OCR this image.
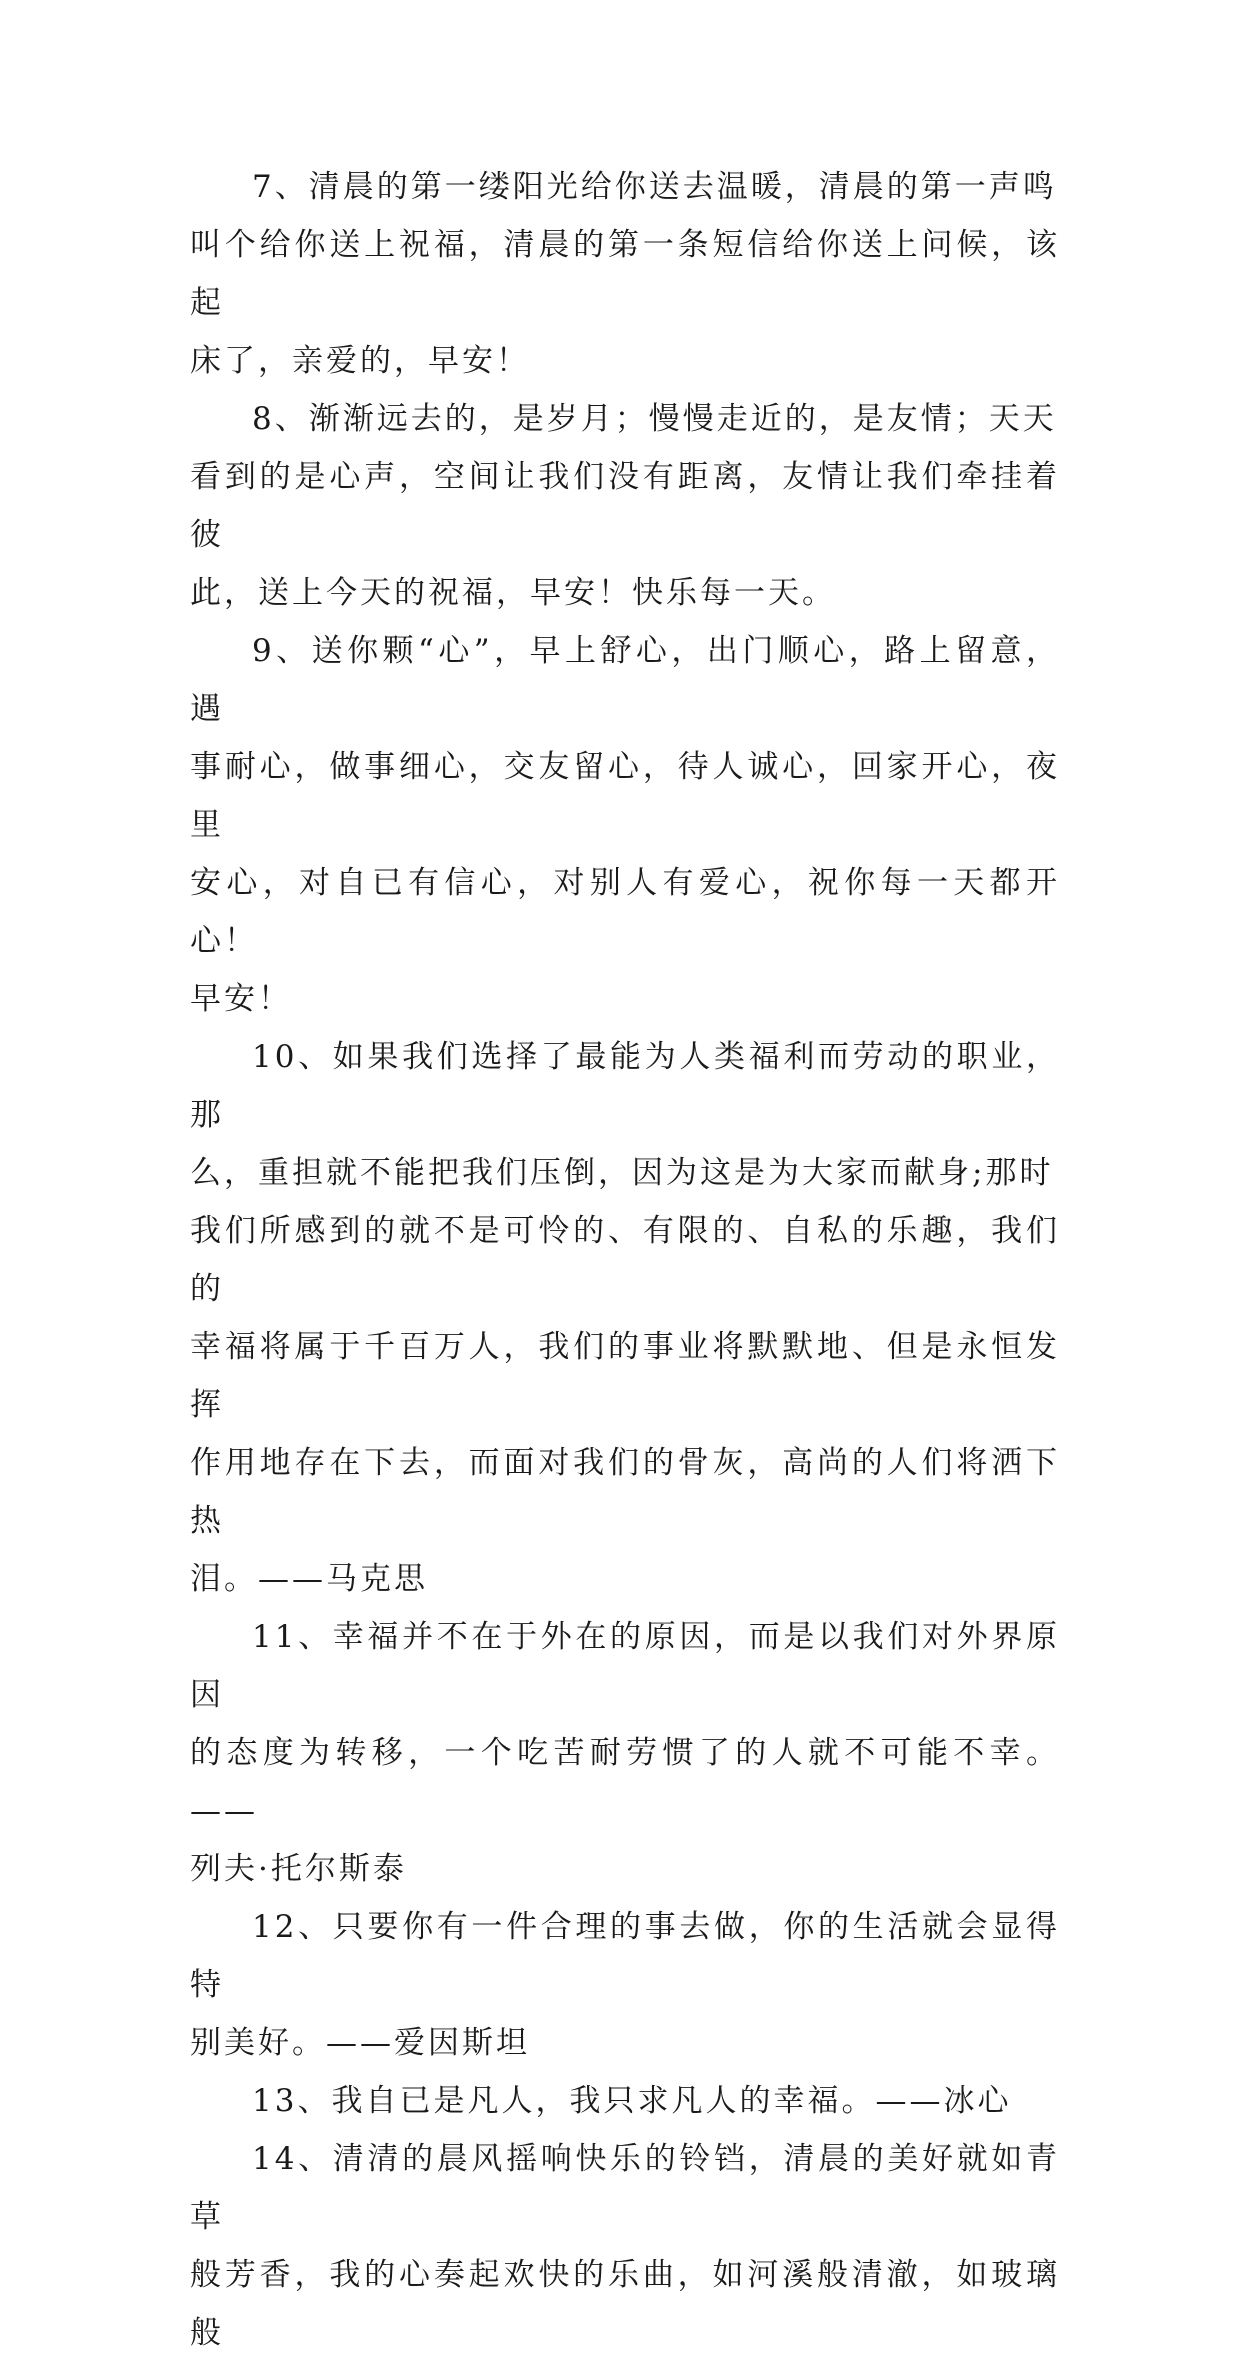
7、清晨的第一缕阳光给你送去温暖，清晨的第一声鸣
叫个给你送上祝福，清晨的第一条短信给你送上问候，该起
床了，亲爱的，早安！

8、渐渐远去的，是岁月；慢慢走近的，是友情；天天
看到的是心声，空间让我们没有距离，友情让我们牵挂着彼
此，送上今天的祝福，早安！快乐每一天。

9、送你颗“心”，早上舒心，出门顺心，路上留意，遇
事耐心，做事细心，交友留心，待人诚心，回家开心，夜里
安心，对自已有信心，对别人有爱心，祝你每一天都开心！
早安！

10、如果我们选择了最能为人类福利而劳动的职业，那
么，重担就不能把我们压倒，因为这是为大家而献身;那时
我们所感到的就不是可怜的、有限的、自私的乐趣，我们的
幸福将属于千百万人，我们的事业将默默地、但是永恒发挥
作用地存在下去，而面对我们的骨灰，高尚的人们将洒下热
泪。——马克思

11、幸福并不在于外在的原因，而是以我们对外界原因
的态度为转移，一个吃苦耐劳惯了的人就不可能不幸。——
列夫·托尔斯泰

12、只要你有一件合理的事去做，你的生活就会显得特
别美好。——爱因斯坦

13、我自已是凡人，我只求凡人的幸福。——冰心

14、清清的晨风摇响快乐的铃铛，清晨的美好就如青草
般芳香，我的心奏起欢快的乐曲，如河溪般清澈，如玻璃般
